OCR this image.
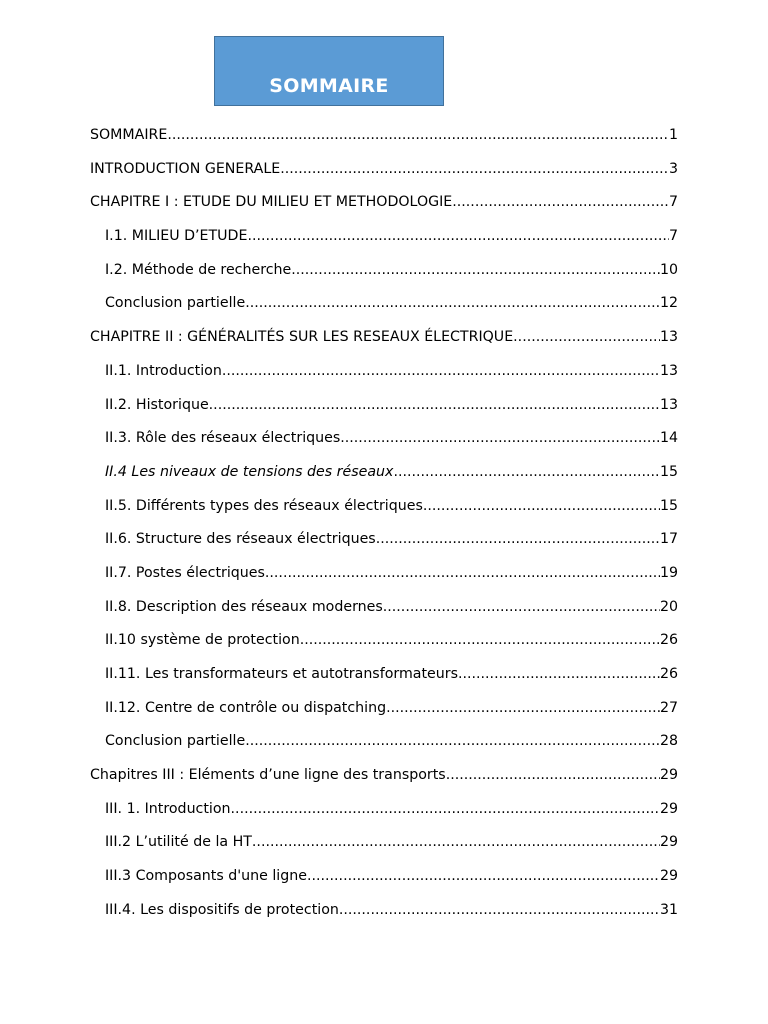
SOMMAIRE
SOMMAIRE .....	1
INTRODUCTION GENERALE .....	3
CHAPITRE I : ETUDE DU MILIEU ET METHODOLOGIE .....	7
I.1. MILIEU D’ETUDE .....	7
I.2. Méthode de recherche .....	10
Conclusion partielle .....	12
CHAPITRE II : GÉNÉRALITÉS SUR LES RESEAUX ÉLECTRIQUE .....	13
II.1. Introduction .....	13
II.2. Historique .....	13
II.3. Rôle des réseaux électriques .....	14
II.4 Les niveaux de tensions des réseaux .....	15
II.5. Différents types des réseaux électriques .....	15
II.6. Structure des réseaux électriques .....	17
II.7. Postes électriques .....	19
II.8. Description des réseaux modernes .....	20
II.10 système de protection .....	26
II.11. Les transformateurs et autotransformateurs .....	26
II.12. Centre de contrôle ou dispatching .....	27
Conclusion partielle .....	28
Chapitres III : Eléments d’une ligne des transports .....	29
III. 1. Introduction .....	29
III.2 L’utilité de la HT .....	29
III.3 Composants d'une ligne .....	29
III.4. Les dispositifs de protection .....	31
